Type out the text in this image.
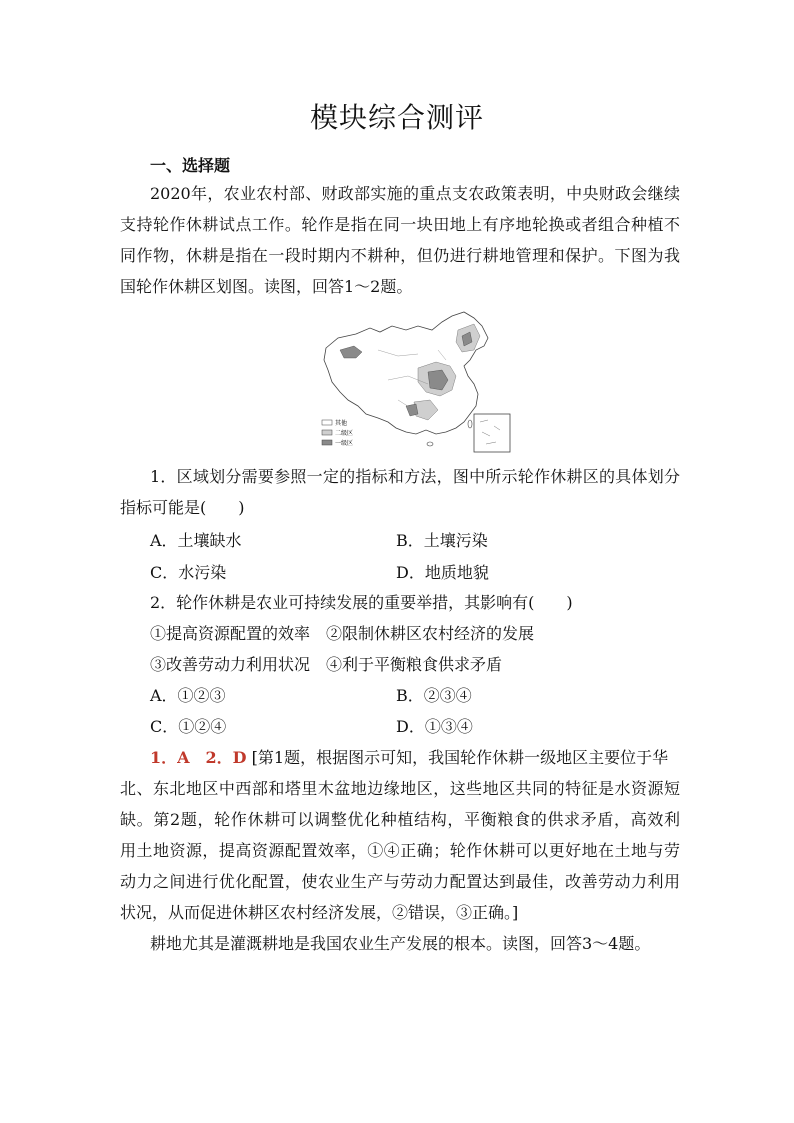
模块综合测评
一、选择题
2020年，农业农村部、财政部实施的重点支农政策表明，中央财政会继续
支持轮作休耕试点工作。轮作是指在同一块田地上有序地轮换或者组合种植不
同作物，休耕是指在一段时期内不耕种，但仍进行耕地管理和保护。下图为我
国轮作休耕区划图。读图，回答1～2题。
其他
二级区
一级区
1．区域划分需要参照一定的指标和方法，图中所示轮作休耕区的具体划分
指标可能是(　　)
A．土壤缺水	B．土壤污染
C．水污染	D．地质地貌
2．轮作休耕是农业可持续发展的重要举措，其影响有(　　)
①提高资源配置的效率　②限制休耕区农村经济的发展
③改善劳动力利用状况　④利于平衡粮食供求矛盾
A．①②③	B．②③④
C．①②④	D．①③④
1．A　2．D [第1题，根据图示可知，我国轮作休耕一级地区主要位于华
北、东北地区中西部和塔里木盆地边缘地区，这些地区共同的特征是水资源短
缺。第2题，轮作休耕可以调整优化种植结构，平衡粮食的供求矛盾，高效利
用土地资源，提高资源配置效率，①④正确；轮作休耕可以更好地在土地与劳
动力之间进行优化配置，使农业生产与劳动力配置达到最佳，改善劳动力利用
状况，从而促进休耕区农村经济发展，②错误，③正确。]
耕地尤其是灌溉耕地是我国农业生产发展的根本。读图，回答3～4题。
